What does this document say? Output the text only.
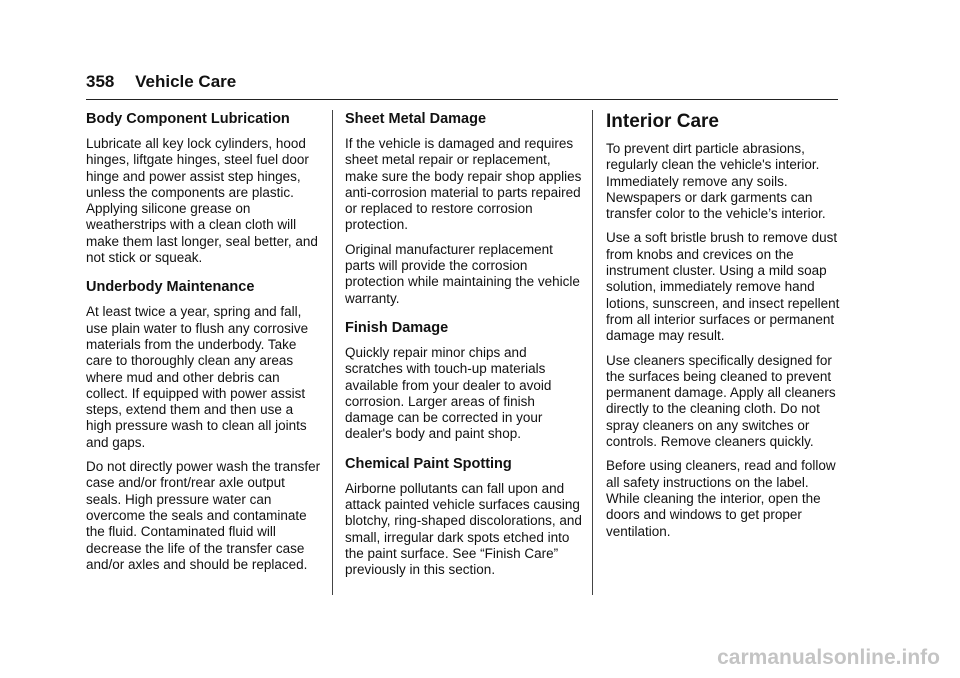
358 Vehicle Care
Body Component Lubrication

Lubricate all key lock cylinders, hood hinges, liftgate hinges, steel fuel door hinge and power assist step hinges, unless the components are plastic. Applying silicone grease on weatherstrips with a clean cloth will make them last longer, seal better, and not stick or squeak.

Underbody Maintenance

At least twice a year, spring and fall, use plain water to flush any corrosive materials from the underbody. Take care to thoroughly clean any areas where mud and other debris can collect. If equipped with power assist steps, extend them and then use a high pressure wash to clean all joints and gaps.

Do not directly power wash the transfer case and/or front/rear axle output seals. High pressure water can overcome the seals and contaminate the fluid. Contaminated fluid will decrease the life of the transfer case and/or axles and should be replaced.

Sheet Metal Damage

If the vehicle is damaged and requires sheet metal repair or replacement, make sure the body repair shop applies anti-corrosion material to parts repaired or replaced to restore corrosion protection.

Original manufacturer replacement parts will provide the corrosion protection while maintaining the vehicle warranty.

Finish Damage

Quickly repair minor chips and scratches with touch-up materials available from your dealer to avoid corrosion. Larger areas of finish damage can be corrected in your dealer's body and paint shop.

Chemical Paint Spotting

Airborne pollutants can fall upon and attack painted vehicle surfaces causing blotchy, ring-shaped discolorations, and small, irregular dark spots etched into the paint surface. See “Finish Care” previously in this section.

Interior Care

To prevent dirt particle abrasions, regularly clean the vehicle's interior. Immediately remove any soils. Newspapers or dark garments can transfer color to the vehicle’s interior.

Use a soft bristle brush to remove dust from knobs and crevices on the instrument cluster. Using a mild soap solution, immediately remove hand lotions, sunscreen, and insect repellent from all interior surfaces or permanent damage may result.

Use cleaners specifically designed for the surfaces being cleaned to prevent permanent damage. Apply all cleaners directly to the cleaning cloth. Do not spray cleaners on any switches or controls. Remove cleaners quickly.

Before using cleaners, read and follow all safety instructions on the label. While cleaning the interior, open the doors and windows to get proper ventilation.

carmanualsonline.info
